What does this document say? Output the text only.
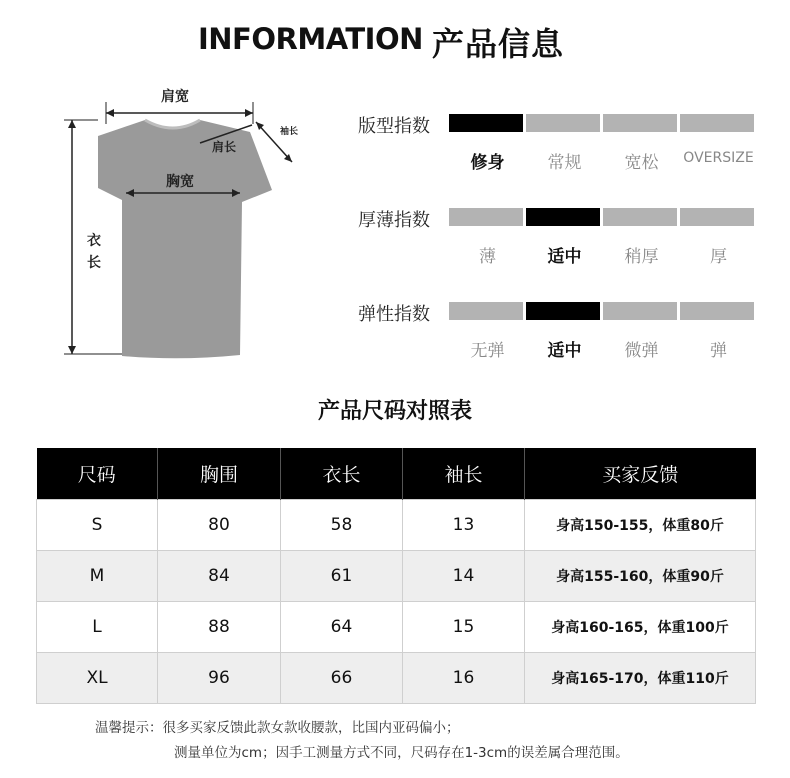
INFORMATION 产品信息
肩宽
肩长
袖长
胸宽
衣
长
版型指数
修身	常规	宽松	OVERSIZE
厚薄指数
薄	适中	稍厚	厚
弹性指数
无弹	适中	微弹	弹
产品尺码对照表
尺码	胸围	衣长	袖长	买家反馈
S	80	58	13	身高150-155，体重80斤
M	84	61	14	身高155-160，体重90斤
L	88	64	15	身高160-165，体重100斤
XL	96	66	16	身高165-170，体重110斤
温馨提示：很多买家反馈此款女款收腰款，比国内亚码偏小；
测量单位为cm；因手工测量方式不同，尺码存在1-3cm的误差属合理范围。
